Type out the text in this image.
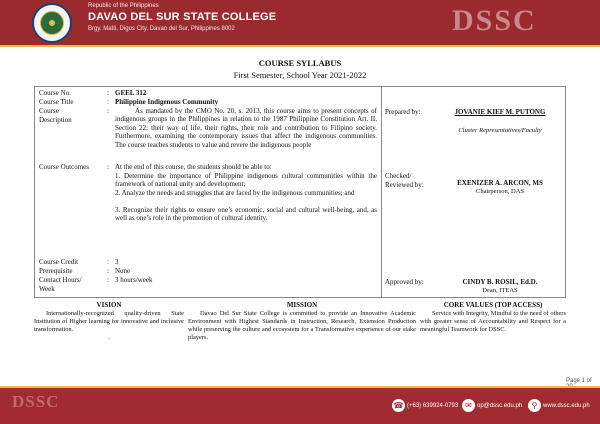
Republic of the Philippines
DAVAO DEL SUR STATE COLLEGE
Brgy. Matti, Digos City, Davao del Sur, Philippines 8002	DSSC
COURSE SYLLABUS
First Semester, School Year 2021-2022
Course No.	: GEEL 312
Course Title	: Philippine Indigenous Community
Course
Description
:	As mandated by the CMO No. 20, s. 2013, this course aims to present concepts of indigenous groups in the Philippines in relation to the 1987 Philippine Constitution Art. II, Section 22: their way of life, their rights, their role and contribution to Filipino society. Furthermore, examining the contemporary issues that affect the indigenous communities. The course teaches students to value and revere the indigenous people
Course Outcomes	: At the end of this course, the students should be able to:
1. Determine the importance of Philippine indigenous cultural communities within the framework of national unity and development;
2. Analyze the needs and struggles that are faced by the indigenous communities; and
3. Recognize their rights to ensure one’s economic, social and cultural well-being, and, as well as one’s role in the promotion of cultural identity.
Course Credit	: 3
Prerequisite	: None
Contact Hours/
Week
: 3 hours/week
Prepared by:	JOVANIE KIEF M. PUTONG
Cluster Representatives/Faculty
Checked/
Reviewed by:	EXENIZER A. ARCON, MS
Chairperson, DAS
Approved by:	CINDY B. ROSIL, Ed.D.
Dean, ITEAS
VISION
Internationally-recognized quality-driven State Institution of Higher learning for innovative and inclusive transformation.
.
MISSION
Davao Del Sur State College is committed to provide an Innovative Academic Environment with Highest Standards in Instruction, Research, Extension Production while preserving the culture and ecosystem for a Transformative experience of our stake players.
CORE VALUES (TOP ACCESS)
Service with Integrity, Mindful to the need of others with greater sense of Accountability and Respect for a meaningful Teamwork for DSSC.
Page 1 of
DSSC	☎ (+63) 639924-0793 ✉ op@dssc.edu.ph	⚲ www.dssc.edu.ph
